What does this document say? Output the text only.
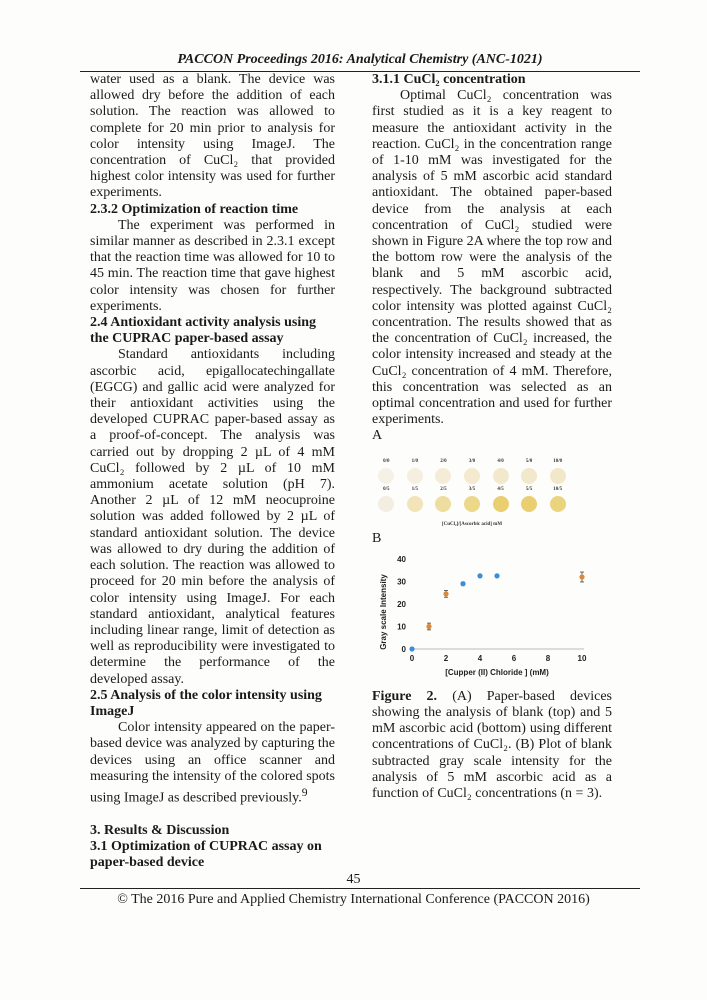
PACCON Proceedings 2016: Analytical Chemistry (ANC-1021)

water used as a blank. The device was allowed dry before the addition of each solution. The reaction was allowed to complete for 20 min prior to analysis for color intensity using ImageJ. The concentration of CuCl₂ that provided highest color intensity was used for further experiments.

2.3.2 Optimization of reaction time

The experiment was performed in similar manner as described in 2.3.1 except that the reaction time was allowed for 10 to 45 min. The reaction time that gave highest color intensity was chosen for further experiments.

2.4 Antioxidant activity analysis using the CUPRAC paper-based assay

Standard antioxidants including ascorbic acid, epigallocatechingallate (EGCG) and gallic acid were analyzed for their antioxidant activities using the developed CUPRAC paper-based assay as a proof-of-concept. The analysis was carried out by dropping 2 µL of 4 mM CuCl₂ followed by 2 µL of 10 mM ammonium acetate solution (pH 7). Another 2 µL of 12 mM neocuproine solution was added followed by 2 µL of standard antioxidant solution. The device was allowed to dry during the addition of each solution. The reaction was allowed to proceed for 20 min before the analysis of color intensity using ImageJ. For each standard antioxidant, analytical features including linear range, limit of detection as well as reproducibility were investigated to determine the performance of the developed assay.

2.5 Analysis of the color intensity using ImageJ

Color intensity appeared on the paper-based device was analyzed by capturing the devices using an office scanner and measuring the intensity of the colored spots using ImageJ as described previously.$^9$

3. Results & Discussion
3.1 Optimization of CUPRAC assay on paper-based device
3.1.1 CuCl₂ concentration

Optimal CuCl₂ concentration was first studied as it is a key reagent to measure the antioxidant activity in the reaction. CuCl₂ in the concentration range of 1-10 mM was investigated for the analysis of 5 mM ascorbic acid standard antioxidant. The obtained paper-based device from the analysis at each concentration of CuCl₂ studied were shown in Figure 2A where the top row and the bottom row were the analysis of the blank and 5 mM ascorbic acid, respectively. The background subtracted color intensity was plotted against CuCl₂ concentration. The results showed that as the concentration of CuCl₂ increased, the color intensity increased and steady at the CuCl₂ concentration of 4 mM. Therefore, this concentration was selected as an optimal concentration and used for further experiments.

A

0/0	1/0	2/0	3/0	4/0	5/0	10/0
0/5	1/5	2/5	3/5	4/5	5/5	10/5
[CuCl₂]/[Ascorbic acid] mM

B

0	2	4	6	8	10
0
10
20
30
40
[Cupper (II) Chloride ] (mM)
Gray scale Intensity

Figure 2. (A) Paper-based devices showing the analysis of blank (top) and 5 mM ascorbic acid (bottom) using different concentrations of CuCl₂. (B) Plot of blank subtracted gray scale intensity for the analysis of 5 mM ascorbic acid as a function of CuCl₂ concentrations (n = 3).

45
© The 2016 Pure and Applied Chemistry International Conference (PACCON 2016)
